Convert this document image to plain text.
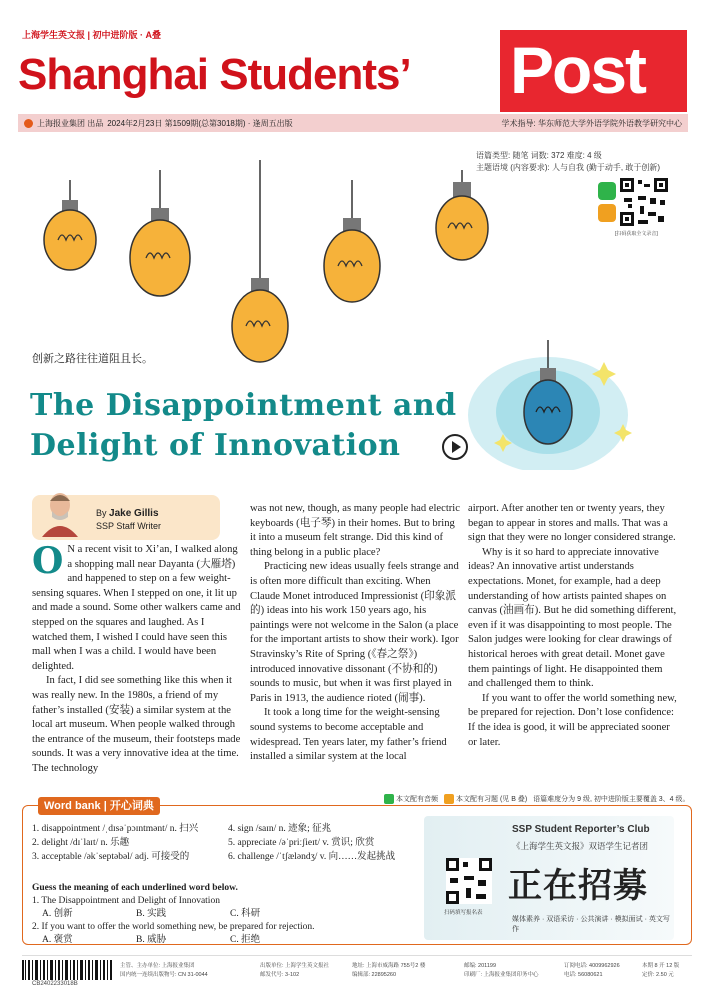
上海学生英文报 | 初中进阶版 · A叠
Shanghai Students’ Post
上海报业集团 出品 2024年2月23日 第1509期(总第3018期) · 逢周五出版	学术指导: 华东师范大学外语学院外语教学研究中心
语篇类型: 随笔 词数: 372 难度: 4 级
主题语境 (内容要求): 人与自我 (勤于动手, 敢于创新)
[扫码获取全文录音]
创新之路往往道阻且长。
The Disappointment and
Delight of Innovation
By Jake Gillis
SSP Staff Writer

O N a recent visit to Xi’an, I walked along a shopping mall near Dayanta (大雁塔) and happened to step on a few weight-sensing squares. When I stepped on one, it lit up and made a sound. Some other walkers came and stepped on the squares and laughed. As I watched them, I wished I could have seen this mall when I was a child. I would have been delighted.

In fact, I did see something like this when it was really new. In the 1980s, a friend of my father’s installed (安装) a similar system at the local art museum. When people walked through the entrance of the museum, their footsteps made sounds. It was a very innovative idea at the time. The technology

was not new, though, as many people had electric keyboards (电子琴) in their homes. But to bring it into a museum felt strange. Did this kind of thing belong in a public place?

Practicing new ideas usually feels strange and is often more difficult than exciting. When Claude Monet introduced Impressionist (印象派的) ideas into his work 150 years ago, his paintings were not welcome in the Salon (a place for the important artists to show their work). Igor Stravinsky’s Rite of Spring (《春之祭》) introduced innovative dissonant (不协和的) sounds to music, but when it was first played in Paris in 1913, the audience rioted (闹事).

It took a long time for the weight-sensing sound systems to become acceptable and widespread. Ten years later, my father’s friend installed a similar system at the local

airport. After another ten or twenty years, they began to appear in stores and malls. That was a sign that they were no longer considered strange.

Why is it so hard to appreciate innovative ideas? An innovative artist understands expectations. Monet, for example, had a deep understanding of how artists painted shapes on canvas (油画布). But he did something different, even if it was disappointing to most people. The Salon judges were looking for clear drawings of historical heroes with great detail. Monet gave them paintings of light. He disappointed them and challenged them to think.

If you want to offer the world something new, be prepared for rejection. Don’t lose confidence: If the idea is good, it will be appreciated sooner or later.

本文配有音频	本文配有习题 (见 B 叠) 语篇难度分为 9 级, 初中进阶版主要覆盖 3、4 级。
Word bank | 开心词典
1. disappointment /ˌdɪsəˈpɔɪntmənt/ n. 扫兴
2. delight /dɪˈlaɪt/ n. 乐趣
3. acceptable /əkˈseptəbəl/ adj. 可接受的
4. sign /saɪn/ n. 迹象; 征兆
5. appreciate /əˈpriːʃieɪt/ v. 赏识; 欣赏
6. challenge /ˈtʃæləndʒ/ v. 向……发起挑战
Guess the meaning of each underlined word below.
1. The Disappointment and Delight of Innovation
A. 创新	B. 实践	C. 科研
2. If you want to offer the world something new, be prepared for rejection.
A. 褒赏	B. 威胁	C. 拒绝
SSP Student Reporter’s Club
《上海学生英文报》双语学生记者团
正在招募
媒体素养 · 双语采访 · 公共演讲 · 模拟面试 · 英文写作
扫码填写报名表
CB2402233018B
主管、主办单位: 上海报业集团
国内统一连续出版物号: CN 31-0044
出版单位: 上海学生英文报社
邮发代号: 3-102
地址: 上海市威海路 755号2 楼
编辑部: 22895260
邮编: 201199
印刷厂: 上海报业集团印务中心
订阅电话: 4009962926
电话: 56080621
本期 8 开 12 版
定价: 2.50 元
